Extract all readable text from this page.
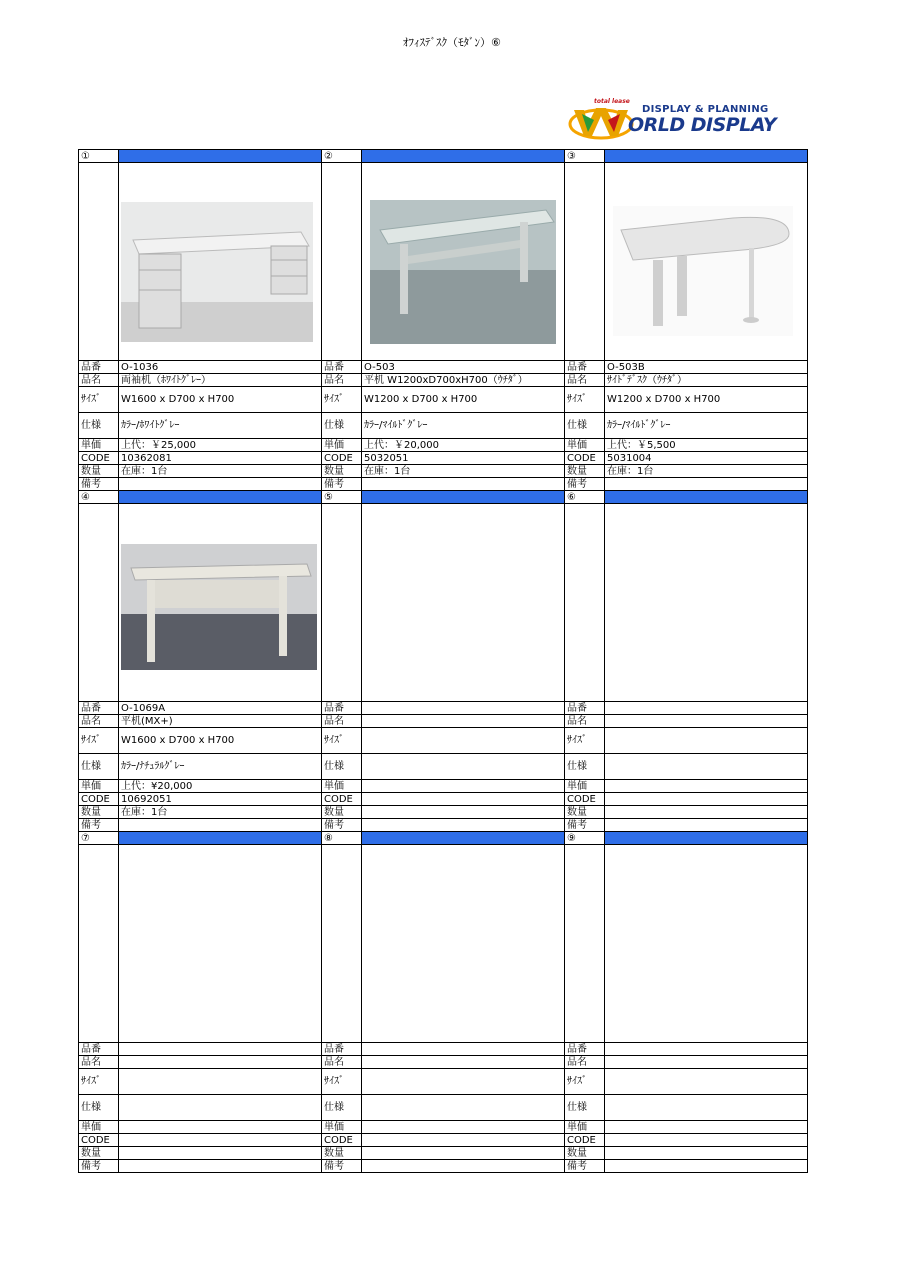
ｵﾌｨｽﾃﾞｽｸ（ﾓﾀﾞﾝ）⑥
total lease
DISPLAY & PLANNING
ORLD DISPLAY
①		②		③	

品番	O-1036	品番	O-503	品番	O-503B
品名	両袖机（ﾎﾜｲﾄｸﾞﾚｰ）	品名	平机 W1200xD700xH700（ｳﾁﾀﾞ）	品名	ｻｲﾄﾞﾃﾞｽｸ（ｳﾁﾀﾞ）
ｻｲｽﾞ	W1600 x D700 x H700	ｻｲｽﾞ	W1200 x D700 x H700	ｻｲｽﾞ	W1200 x D700 x H700
仕様	ｶﾗｰ/ﾎﾜｲﾄｸﾞﾚｰ	仕様	ｶﾗｰ/ﾏｲﾙﾄﾞｸﾞﾚｰ	仕様	ｶﾗｰ/ﾏｲﾙﾄﾞｸﾞﾚｰ
単価	上代：￥25,000	単価	上代：￥20,000	単価	上代：￥5,500
CODE	10362081	CODE	5032051	CODE	5031004
数量	在庫：1台	数量	在庫：1台	数量	在庫：1台
備考		備考		備考	
④		⑤		⑥	

品番	O-1069A	品番		品番	
品名	平机(MX+)	品名		品名	
ｻｲｽﾞ	W1600 x D700 x H700	ｻｲｽﾞ		ｻｲｽﾞ	
仕様	ｶﾗｰ/ﾅﾁｭﾗﾙｸﾞﾚｰ	仕様		仕様	
単価	上代：¥20,000	単価		単価	
CODE	10692051	CODE		CODE	
数量	在庫：1台	数量		数量	
備考		備考		備考	
⑦		⑧		⑨	

品番		品番		品番	
品名		品名		品名	
ｻｲｽﾞ		ｻｲｽﾞ		ｻｲｽﾞ	
仕様		仕様		仕様	
単価		単価		単価	
CODE		CODE		CODE	
数量		数量		数量	
備考		備考		備考	
